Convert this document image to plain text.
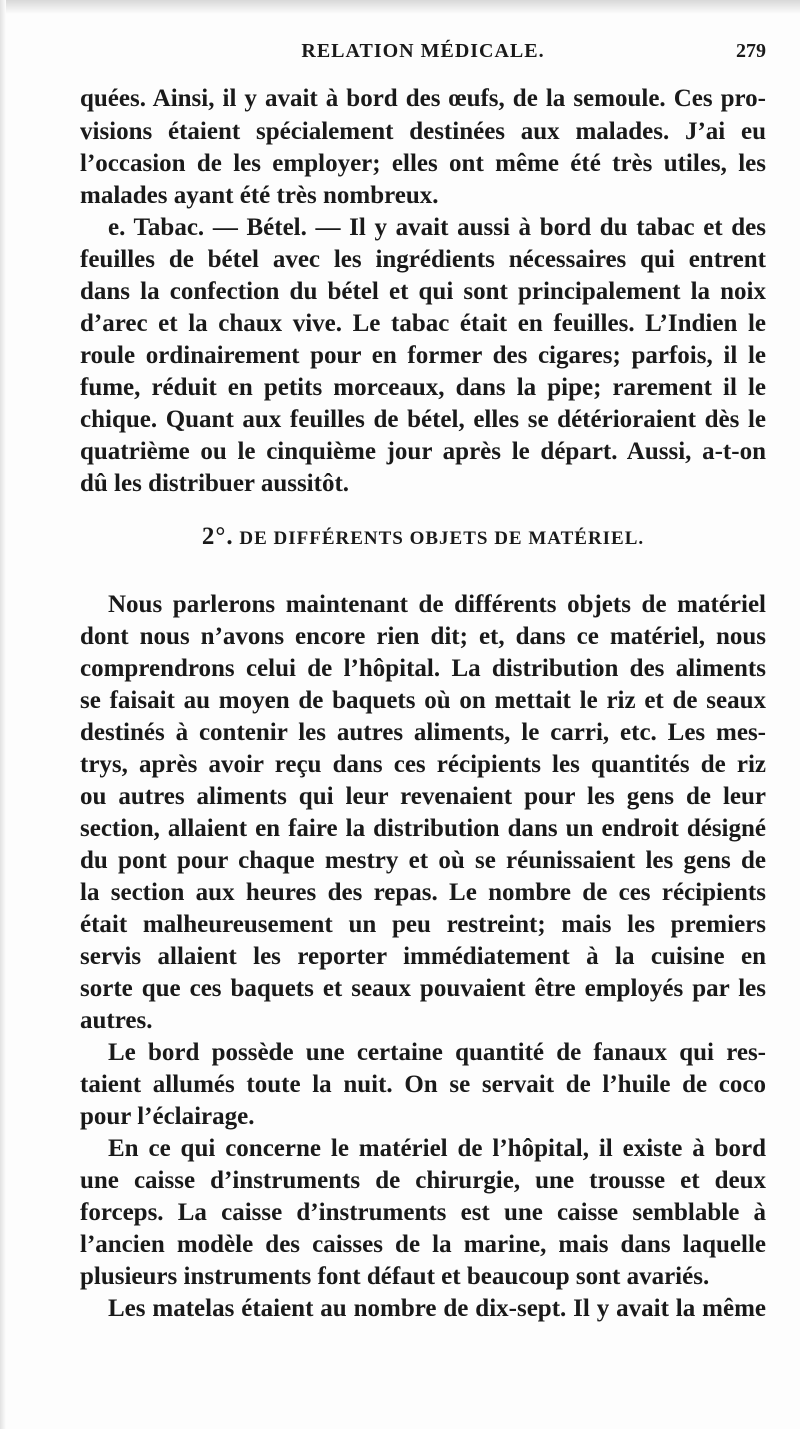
RELATION MÉDICALE.	279
quées. Ainsi, il y avait à bord des œufs, de la semoule. Ces pro-
visions étaient spécialement destinées aux malades. J’ai eu
l’occasion de les employer; elles ont même été très utiles, les
malades ayant été très nombreux.
e. Tabac. — Bétel. — Il y avait aussi à bord du tabac et des
feuilles de bétel avec les ingrédients nécessaires qui entrent
dans la confection du bétel et qui sont principalement la noix
d’arec et la chaux vive. Le tabac était en feuilles. L’Indien le
roule ordinairement pour en former des cigares; parfois, il le
fume, réduit en petits morceaux, dans la pipe; rarement il le
chique. Quant aux feuilles de bétel, elles se détérioraient dès le
quatrième ou le cinquième jour après le départ. Aussi, a-t-on
dû les distribuer aussitôt.
2°. DE DIFFÉRENTS OBJETS DE MATÉRIEL.
Nous parlerons maintenant de différents objets de matériel
dont nous n’avons encore rien dit; et, dans ce matériel, nous
comprendrons celui de l’hôpital. La distribution des aliments
se faisait au moyen de baquets où on mettait le riz et de seaux
destinés à contenir les autres aliments, le carri, etc. Les mes-
trys, après avoir reçu dans ces récipients les quantités de riz
ou autres aliments qui leur revenaient pour les gens de leur
section, allaient en faire la distribution dans un endroit désigné
du pont pour chaque mestry et où se réunissaient les gens de
la section aux heures des repas. Le nombre de ces récipients
était malheureusement un peu restreint; mais les premiers
servis allaient les reporter immédiatement à la cuisine en
sorte que ces baquets et seaux pouvaient être employés par les
autres.
Le bord possède une certaine quantité de fanaux qui res-
taient allumés toute la nuit. On se servait de l’huile de coco
pour l’éclairage.
En ce qui concerne le matériel de l’hôpital, il existe à bord
une caisse d’instruments de chirurgie, une trousse et deux
forceps. La caisse d’instruments est une caisse semblable à
l’ancien modèle des caisses de la marine, mais dans laquelle
plusieurs instruments font défaut et beaucoup sont avariés.
Les matelas étaient au nombre de dix-sept. Il y avait la même
